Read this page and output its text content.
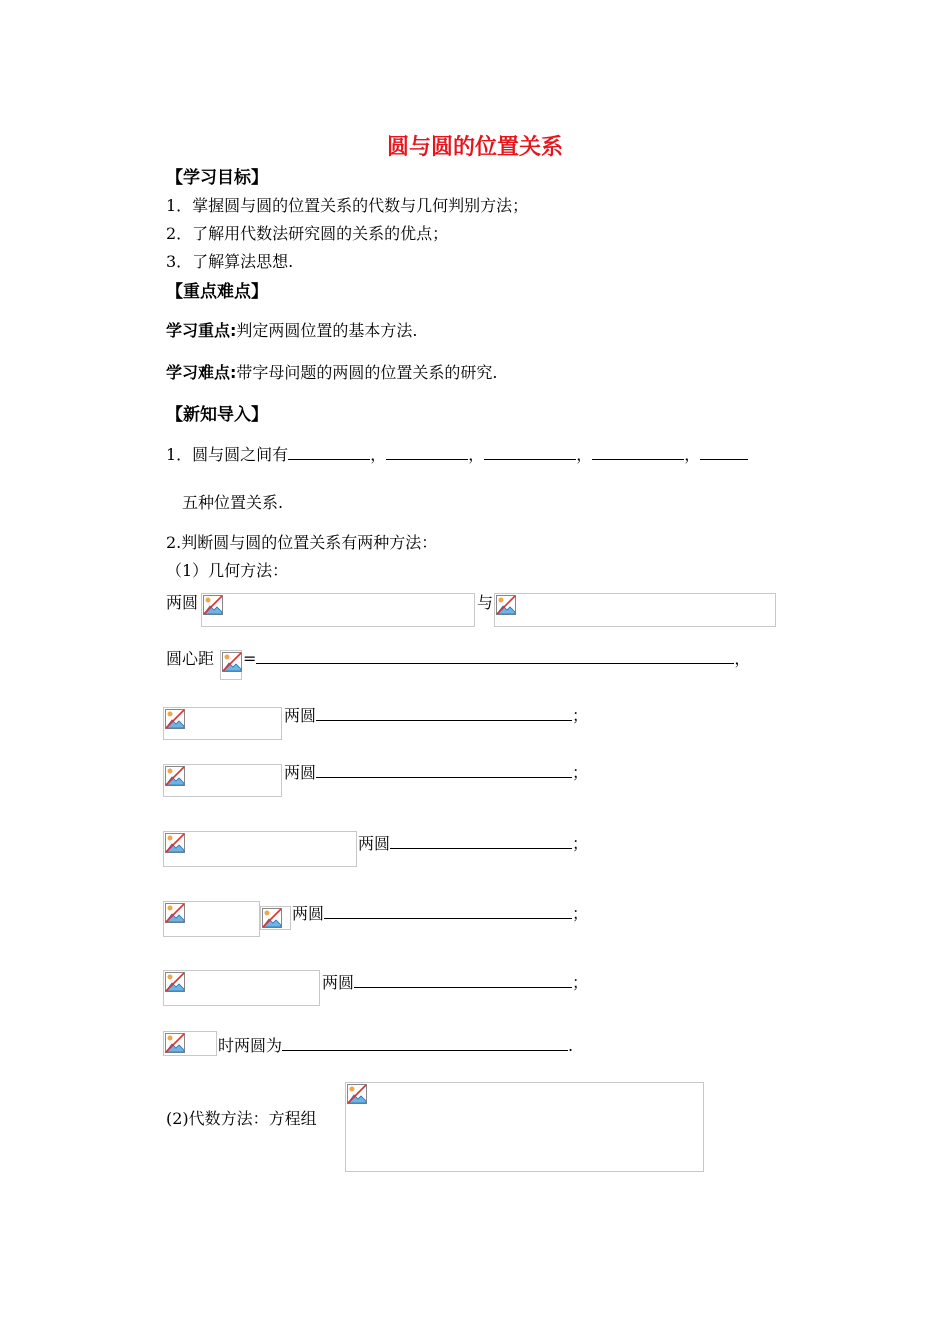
圆与圆的位置关系
【学习目标】
1．掌握圆与圆的位置关系的代数与几何判别方法；
2．了解用代数法研究圆的关系的优点；
3．了解算法思想.
【重点难点】
学习重点:判定两圆位置的基本方法.
学习难点:带字母问题的两圆的位置关系的研究.
【新知导入】
1．圆与圆之间有	，	，	，	，
五种位置关系.
2.判断圆与圆的位置关系有两种方法：
（1）几何方法：
两圆	与
圆心距 =	，
两圆	；
两圆	；
两圆	；
两圆	；
两圆	；
时两圆为	.
(2)代数方法：方程组
